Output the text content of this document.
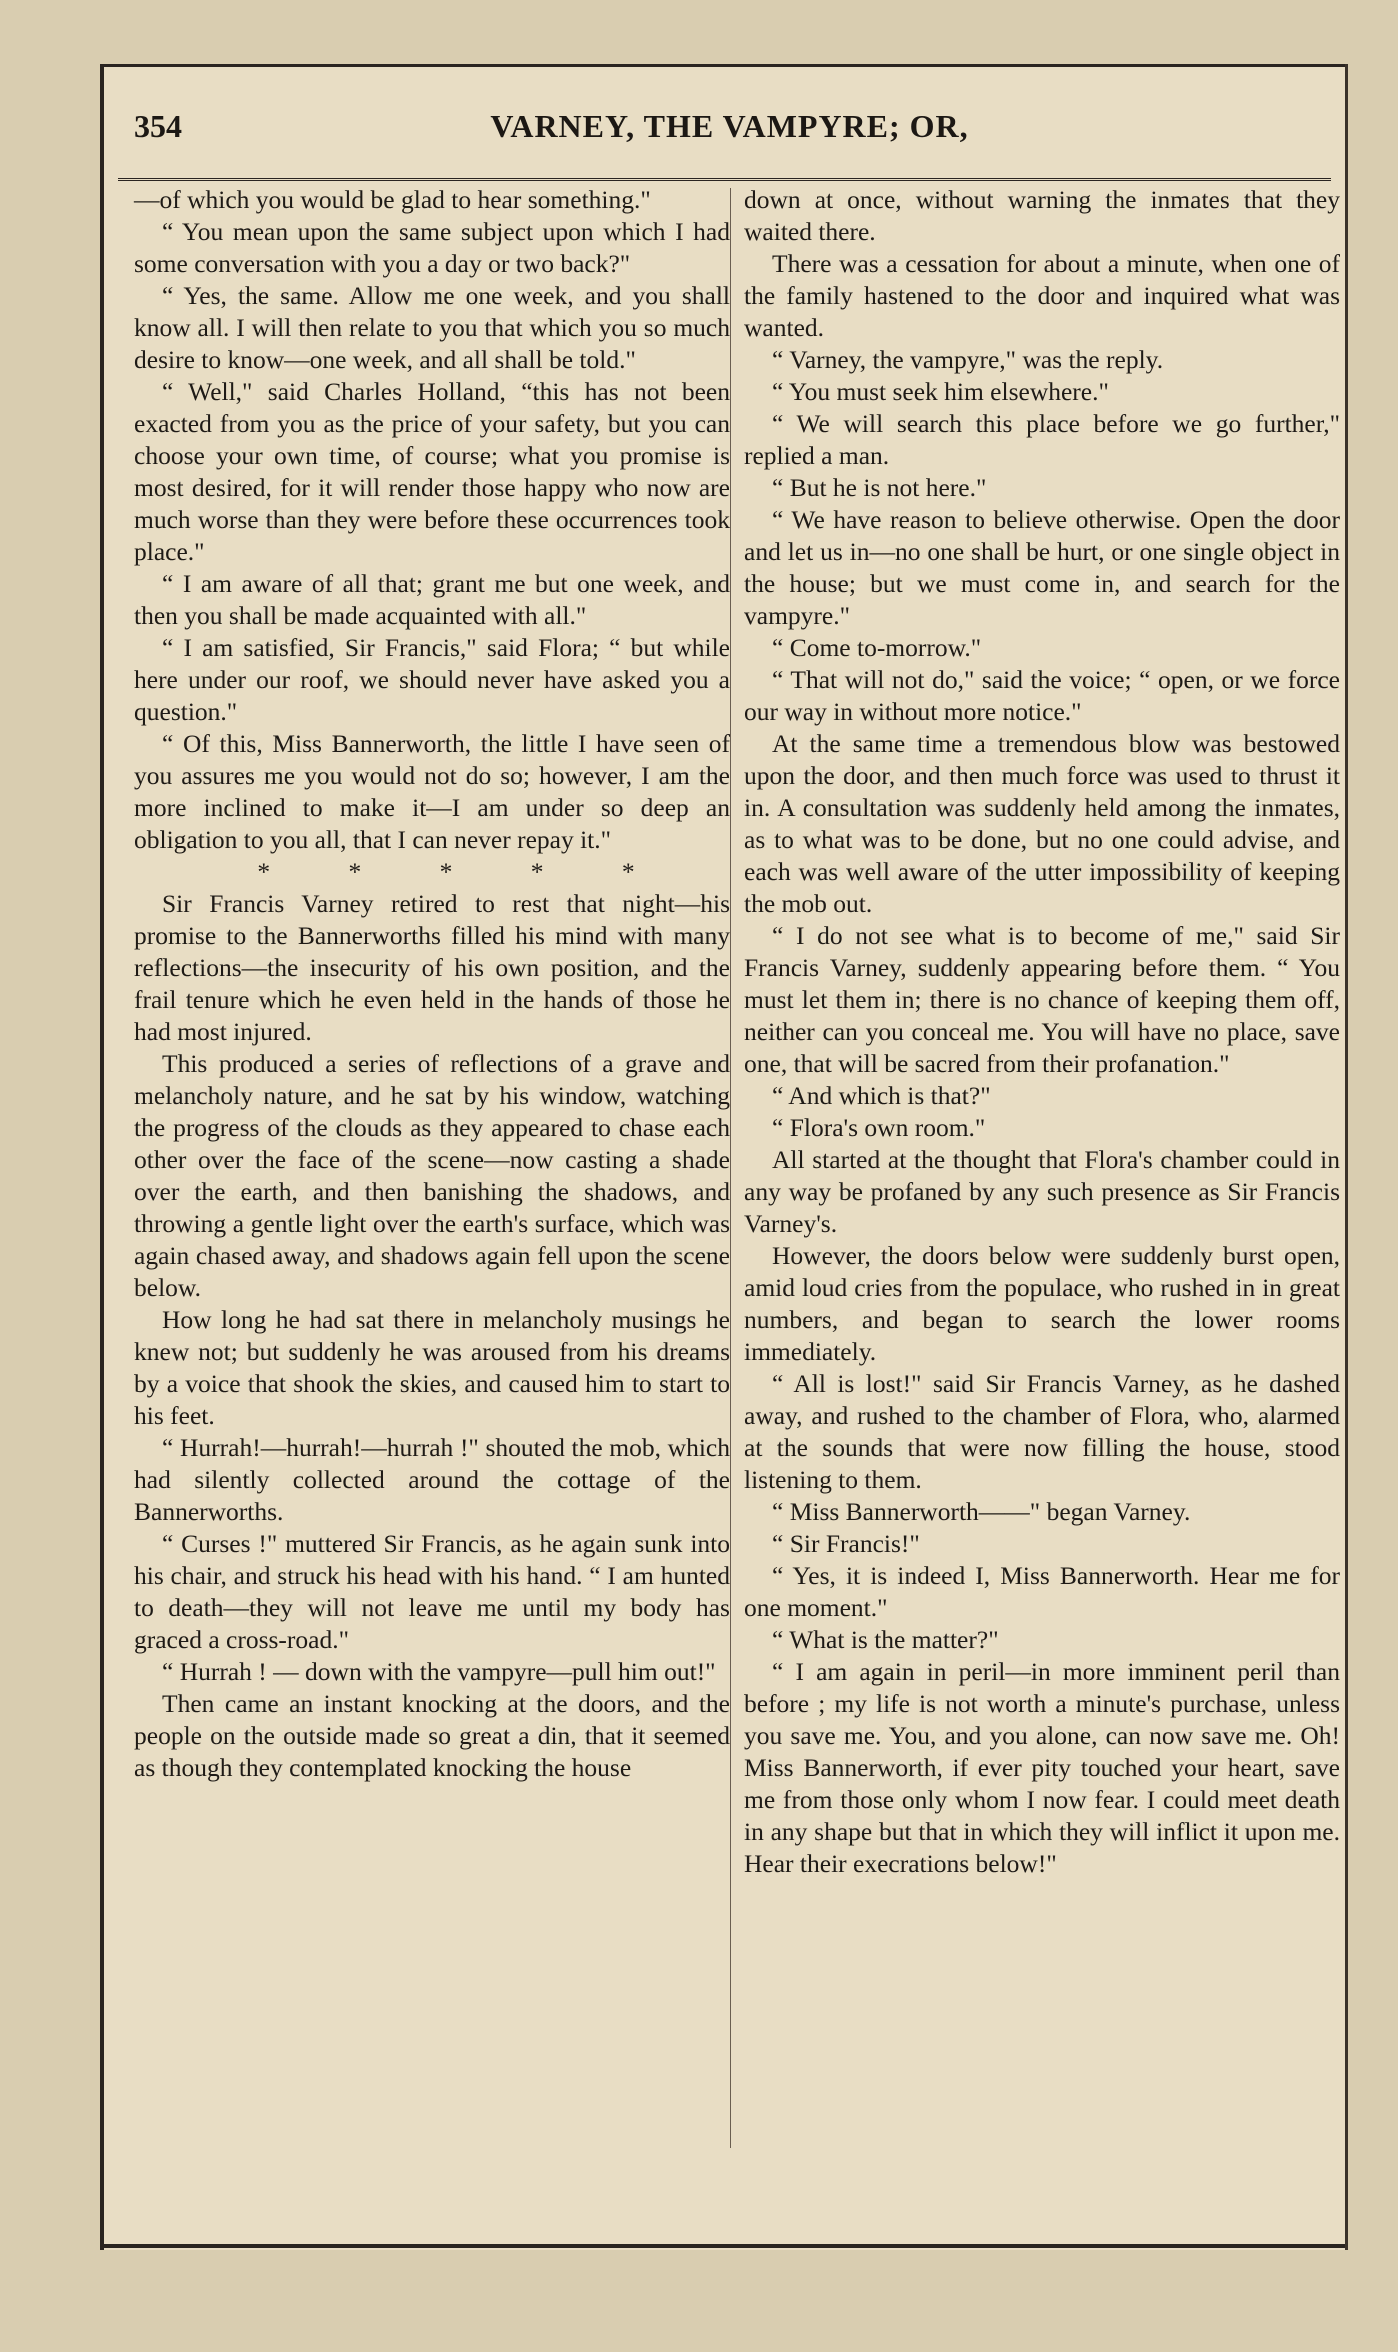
VARNEY, THE VAMPYRE; OR,
354

—of which you would be glad to hear something."

“ You mean upon the same subject upon which I had some conversation with you a day or two back?"

“ Yes, the same. Allow me one week, and you shall know all. I will then relate to you that which you so much desire to know—one week, and all shall be told."

“ Well," said Charles Holland, “this has not been exacted from you as the price of your safety, but you can choose your own time, of course; what you promise is most desired, for it will render those happy who now are much worse than they were before these occurrences took place."

“ I am aware of all that; grant me but one week, and then you shall be made acquainted with all."

“ I am satisfied, Sir Francis," said Flora; “ but while here under our roof, we should never have asked you a question."

“ Of this, Miss Bannerworth, the little I have seen of you assures me you would not do so; however, I am the more inclined to make it—I am under so deep an obligation to you all, that I can never repay it."

* * * * *

Sir Francis Varney retired to rest that night—his promise to the Bannerworths filled his mind with many reflections—the insecurity of his own position, and the frail tenure which he even held in the hands of those he had most injured.

This produced a series of reflections of a grave and melancholy nature, and he sat by his window, watching the progress of the clouds as they appeared to chase each other over the face of the scene—now casting a shade over the earth, and then banishing the shadows, and throwing a gentle light over the earth's surface, which was again chased away, and shadows again fell upon the scene below.

How long he had sat there in melancholy musings he knew not; but suddenly he was aroused from his dreams by a voice that shook the skies, and caused him to start to his feet.

“ Hurrah!—hurrah!—hurrah !" shouted the mob, which had silently collected around the cottage of the Bannerworths.

“ Curses !" muttered Sir Francis, as he again sunk into his chair, and struck his head with his hand. “ I am hunted to death—they will not leave me until my body has graced a cross-road."

“ Hurrah ! — down with the vampyre—pull him out!"

Then came an instant knocking at the doors, and the people on the outside made so great a din, that it seemed as though they contemplated knocking the house

down at once, without warning the inmates that they waited there.

There was a cessation for about a minute, when one of the family hastened to the door and inquired what was wanted.

“ Varney, the vampyre," was the reply.

“ You must seek him elsewhere."

“ We will search this place before we go further," replied a man.

“ But he is not here."

“ We have reason to believe otherwise. Open the door and let us in—no one shall be hurt, or one single object in the house; but we must come in, and search for the vampyre."

“ Come to-morrow."

“ That will not do," said the voice; “ open, or we force our way in without more notice."

At the same time a tremendous blow was bestowed upon the door, and then much force was used to thrust it in. A consultation was suddenly held among the inmates, as to what was to be done, but no one could advise, and each was well aware of the utter impossibility of keeping the mob out.

“ I do not see what is to become of me," said Sir Francis Varney, suddenly appearing before them. “ You must let them in; there is no chance of keeping them off, neither can you conceal me. You will have no place, save one, that will be sacred from their profanation."

“ And which is that?"

“ Flora's own room."

All started at the thought that Flora's chamber could in any way be profaned by any such presence as Sir Francis Varney's.

However, the doors below were suddenly burst open, amid loud cries from the populace, who rushed in in great numbers, and began to search the lower rooms immediately.

“ All is lost!" said Sir Francis Varney, as he dashed away, and rushed to the chamber of Flora, who, alarmed at the sounds that were now filling the house, stood listening to them.

“ Miss Bannerworth——" began Varney.

“ Sir Francis!"

“ Yes, it is indeed I, Miss Bannerworth. Hear me for one moment."

“ What is the matter?"

“ I am again in peril—in more imminent peril than before ; my life is not worth a minute's purchase, unless you save me. You, and you alone, can now save me. Oh! Miss Bannerworth, if ever pity touched your heart, save me from those only whom I now fear. I could meet death in any shape but that in which they will inflict it upon me. Hear their execrations below!"
